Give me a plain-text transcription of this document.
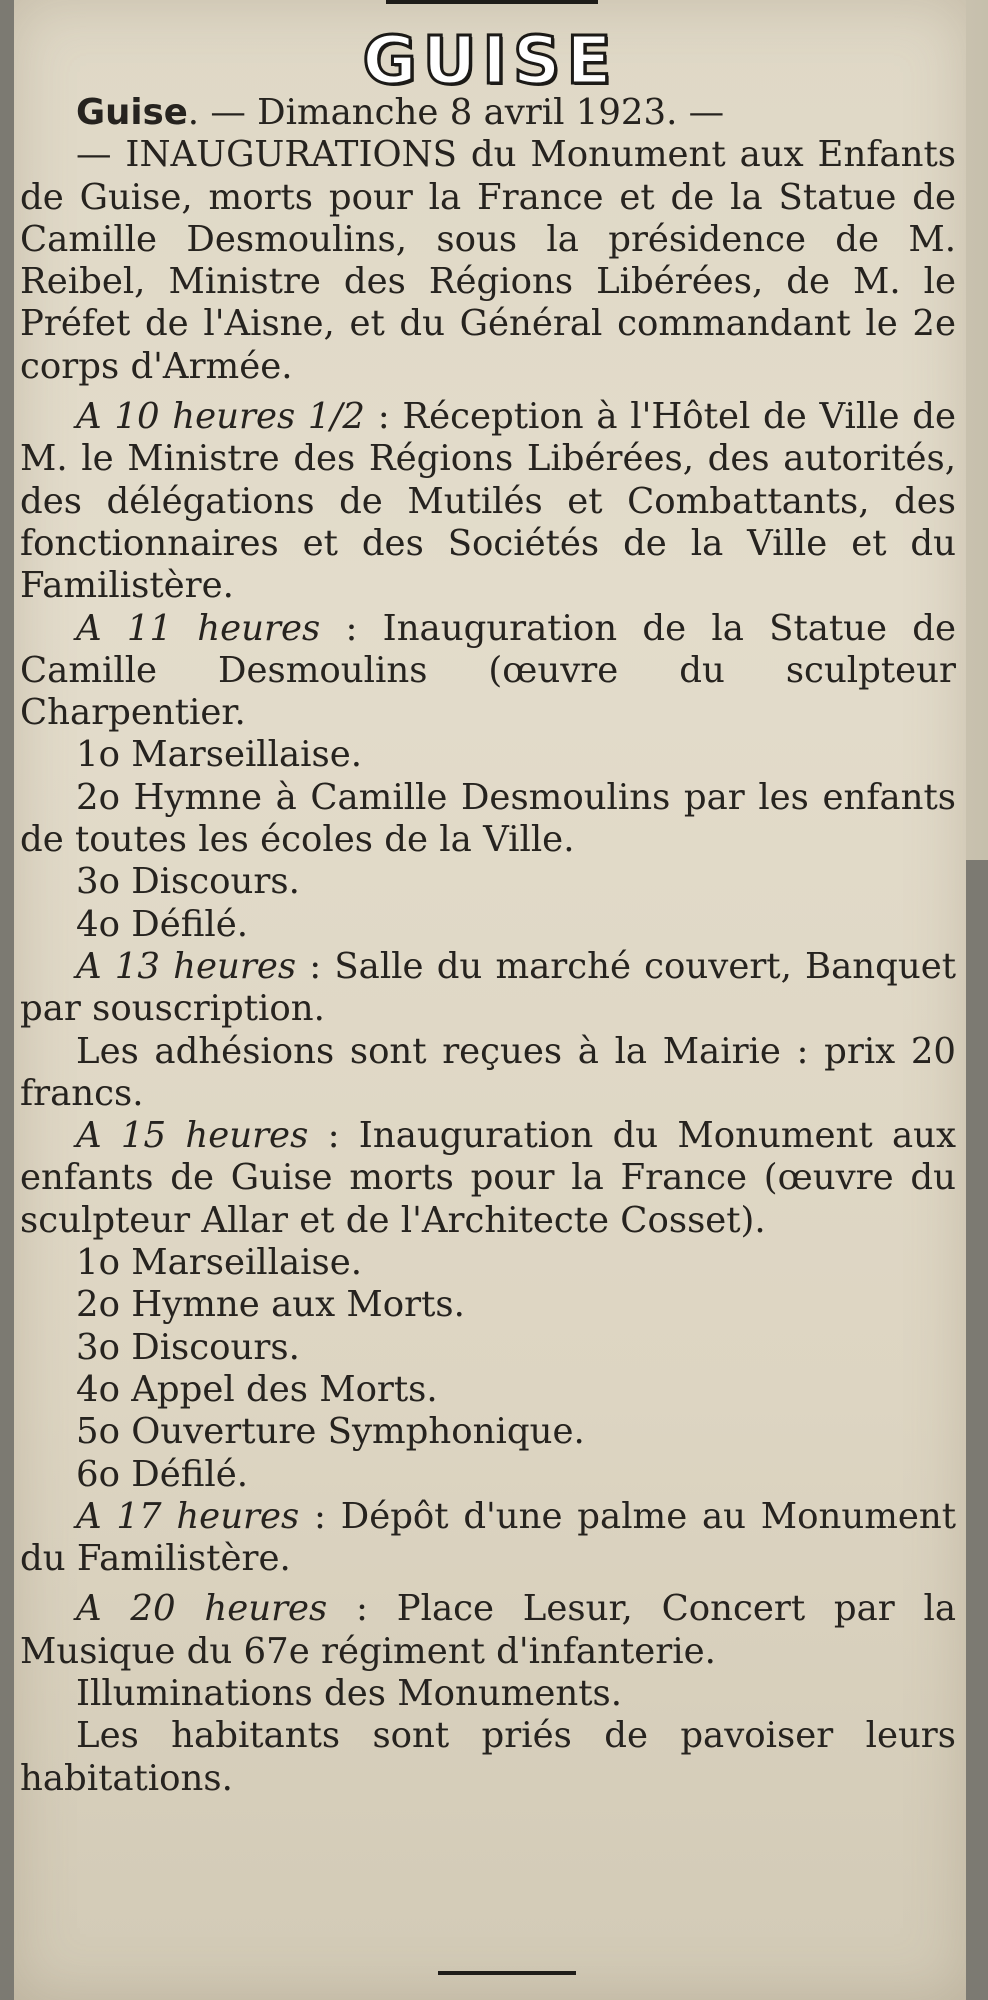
GUISE

Guise. — Dimanche 8 avril 1923. —

— INAUGURATIONS du Monument aux Enfants de Guise, morts pour la France et de la Statue de Camille Desmoulins, sous la présidence de M. Reibel, Ministre des Régions Libérées, de M. le Préfet de l'Aisne, et du Général commandant le 2e corps d'Armée.

A 10 heures 1/2 : Réception à l'Hôtel de Ville de M. le Ministre des Régions Libérées, des autorités, des délégations de Mutilés et Combattants, des fonctionnaires et des Sociétés de la Ville et du Familistère.

A 11 heures : Inauguration de la Statue de Camille Desmoulins (œuvre du sculpteur Charpentier.

1o Marseillaise.

2o Hymne à Camille Desmoulins par les enfants de toutes les écoles de la Ville.

3o Discours.

4o Défilé.

A 13 heures : Salle du marché couvert, Banquet par souscription.

Les adhésions sont reçues à la Mairie : prix 20 francs.

A 15 heures : Inauguration du Monument aux enfants de Guise morts pour la France (œuvre du sculpteur Allar et de l'Architecte Cosset).

1o Marseillaise.

2o Hymne aux Morts.

3o Discours.

4o Appel des Morts.

5o Ouverture Symphonique.

6o Défilé.

A 17 heures : Dépôt d'une palme au Monument du Familistère.

A 20 heures : Place Lesur, Concert par la Musique du 67e régiment d'infanterie.

Illuminations des Monuments.

Les habitants sont priés de pavoiser leurs habitations.
